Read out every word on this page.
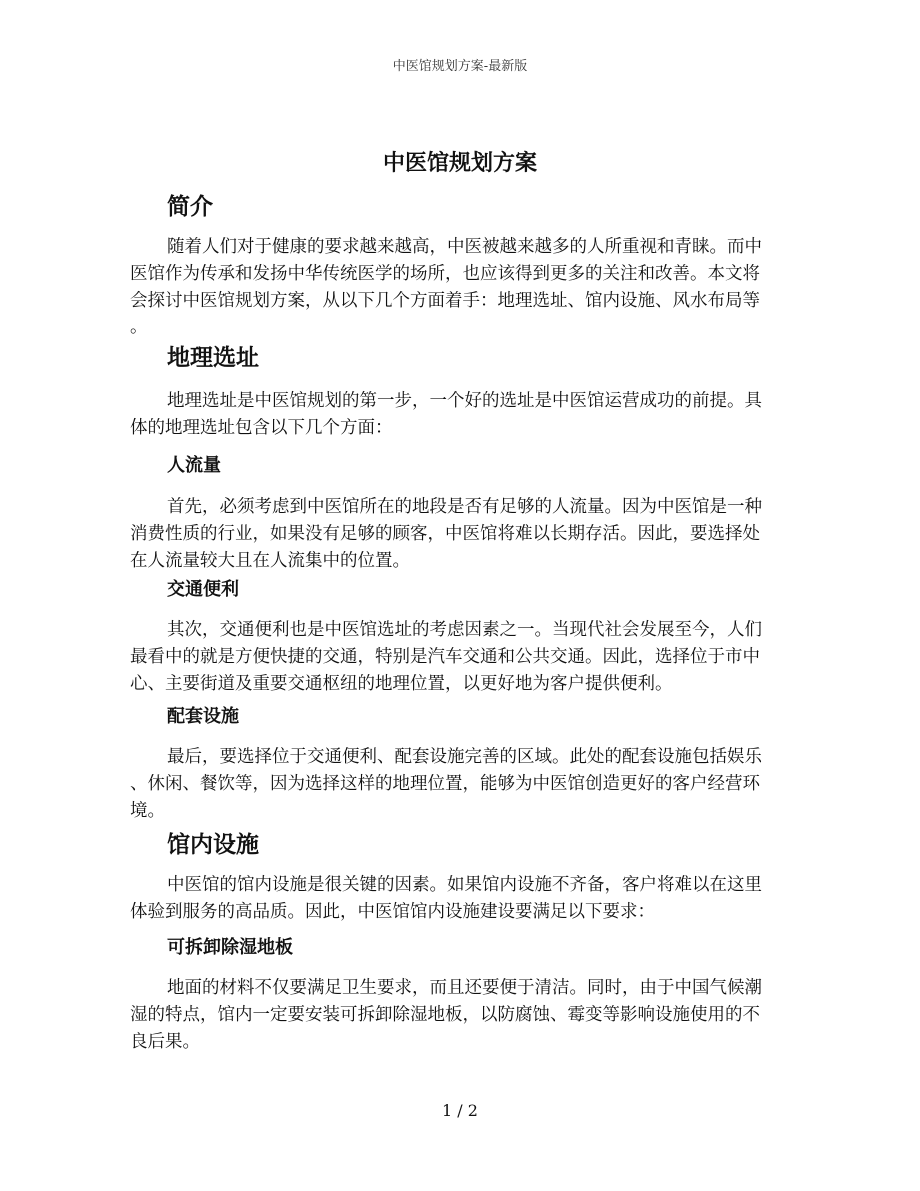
中医馆规划方案-最新版
中医馆规划方案
简介
随着人们对于健康的要求越来越高，中医被越来越多的人所重视和青睐。而中
医馆作为传承和发扬中华传统医学的场所，也应该得到更多的关注和改善。本文将
会探讨中医馆规划方案，从以下几个方面着手：地理选址、馆内设施、风水布局等
。
地理选址
地理选址是中医馆规划的第一步，一个好的选址是中医馆运营成功的前提。具
体的地理选址包含以下几个方面：
人流量
首先，必须考虑到中医馆所在的地段是否有足够的人流量。因为中医馆是一种
消费性质的行业，如果没有足够的顾客，中医馆将难以长期存活。因此，要选择处
在人流量较大且在人流集中的位置。
交通便利
其次，交通便利也是中医馆选址的考虑因素之一。当现代社会发展至今，人们
最看中的就是方便快捷的交通，特别是汽车交通和公共交通。因此，选择位于市中
心、主要街道及重要交通枢纽的地理位置，以更好地为客户提供便利。
配套设施
最后，要选择位于交通便利、配套设施完善的区域。此处的配套设施包括娱乐
、休闲、餐饮等，因为选择这样的地理位置，能够为中医馆创造更好的客户经营环
境。
馆内设施
中医馆的馆内设施是很关键的因素。如果馆内设施不齐备，客户将难以在这里
体验到服务的高品质。因此，中医馆馆内设施建设要满足以下要求：
可拆卸除湿地板
地面的材料不仅要满足卫生要求，而且还要便于清洁。同时，由于中国气候潮
湿的特点，馆内一定要安装可拆卸除湿地板，以防腐蚀、霉变等影响设施使用的不
良后果。
1 / 2
